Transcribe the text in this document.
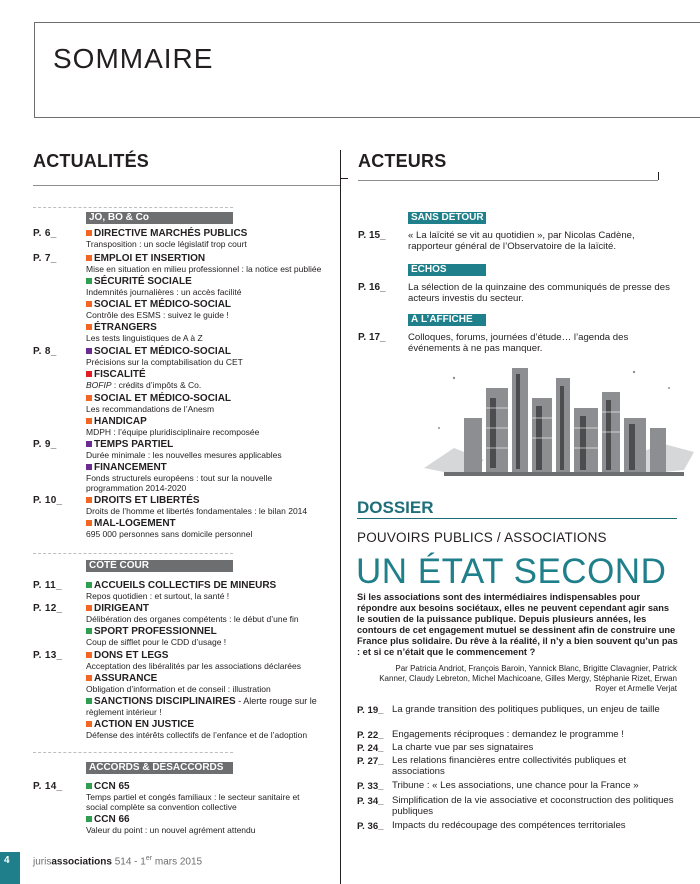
SOMMAIRE
ACTUALITÉS	ACTEURS
JO, BO & Co
P. 6_	DIRECTIVE MARCHÉS PUBLICS
Transposition : un socle législatif trop court
P. 7_	EMPLOI ET INSERTION
Mise en situation en milieu professionnel : la notice est publiée
SÉCURITÉ SOCIALE
Indemnités journalières : un accès facilité
SOCIAL ET MÉDICO-SOCIAL
Contrôle des ESMS : suivez le guide !
ÉTRANGERS
Les tests linguistiques de A à Z
P. 8_	SOCIAL ET MÉDICO-SOCIAL
Précisions sur la comptabilisation du CET
FISCALITÉ
BOFIP : crédits d’impôts & Co.
SOCIAL ET MÉDICO-SOCIAL
Les recommandations de l’Anesm
HANDICAP
MDPH : l’équipe pluridisciplinaire recomposée
P. 9_	TEMPS PARTIEL
Durée minimale : les nouvelles mesures applicables
FINANCEMENT
Fonds structurels européens : tout sur la nouvelle programmation 2014-2020
P. 10_	DROITS ET LIBERTÉS
Droits de l’homme et libertés fondamentales : le bilan 2014
MAL-LOGEMENT
695 000 personnes sans domicile personnel
CÔTÉ COUR
P. 11_	ACCUEILS COLLECTIFS DE MINEURS
Repos quotidien : et surtout, la santé !
P. 12_	DIRIGEANT
Délibération des organes compétents : le début d’une fin
SPORT PROFESSIONNEL
Coup de sifflet pour le CDD d’usage !
P. 13_	DONS ET LEGS
Acceptation des libéralités par les associations déclarées
ASSURANCE
Obligation d’information et de conseil : illustration
SANCTIONS DISCIPLINAIRES - Alerte rouge sur le
règlement intérieur !
ACTION EN JUSTICE
Défense des intérêts collectifs de l’enfance et de l’adoption
ACCORDS & DÉSACCORDS
P. 14_	CCN 65
Temps partiel et congés familiaux : le secteur sanitaire et social complète sa convention collective
CCN 66
Valeur du point : un nouvel agrément attendu
SANS DÉTOUR
P. 15_ « La laïcité se vit au quotidien », par Nicolas Cadène, rapporteur général de l’Observatoire de la laïcité.
ÉCHOS
P. 16_ La sélection de la quinzaine des communiqués de presse des acteurs investis du secteur.
À L’AFFICHE
P. 17_ Colloques, forums, journées d’étude… l’agenda des événements à ne pas manquer.
DOSSIER
POUVOIRS PUBLICS / ASSOCIATIONS
UN ÉTAT SECOND
Si les associations sont des intermédiaires indispensables pour répondre aux besoins sociétaux, elles ne peuvent cependant agir sans le soutien de la puissance publique. Depuis plusieurs années, les contours de cet engagement mutuel se dessinent afin de construire une France plus solidaire. Du rêve à la réalité, il n’y a bien souvent qu’un pas : et si ce n’était que le commencement ?
Par Patricia Andriot, François Baroin, Yannick Blanc, Brigitte Clavagnier, Patrick Kanner, Claudy Lebreton, Michel Machicoane, Gilles Mergy, Stéphanie Rizet, Erwan Royer et Armelle Verjat
P. 19_ La grande transition des politiques publiques, un enjeu de taille
P. 22_ Engagements réciproques : demandez le programme !
P. 24_ La charte vue par ses signataires
P. 27_ Les relations financières entre collectivités publiques et associations
P. 33_ Tribune : « Les associations, une chance pour la France »
P. 34_ Simplification de la vie associative et coconstruction des politiques publiques
P. 36_ Impacts du redécoupage des compétences territoriales
4 jurisassociations 514 - 1er mars 2015
